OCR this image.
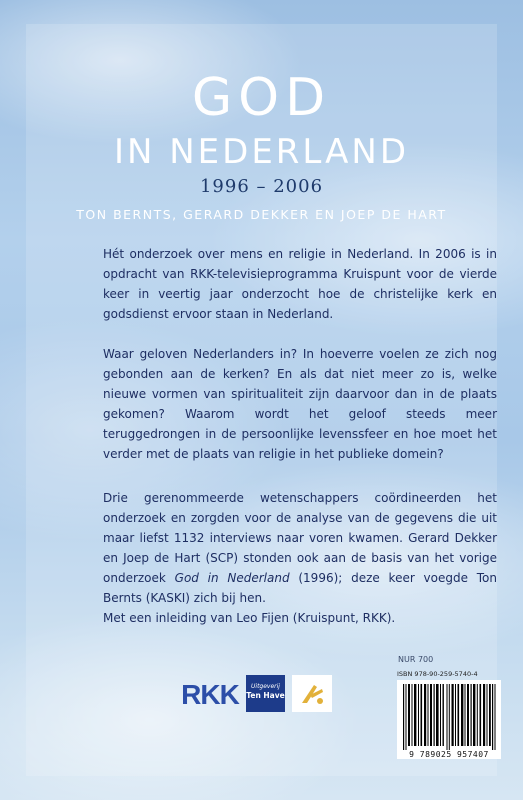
GOD
IN NEDERLAND
1996 – 2006
TON BERNTS, GERARD DEKKER EN JOEP DE HART

Hét onderzoek over mens en religie in Nederland. In 2006 is in opdracht van RKK-televisieprogramma Kruispunt voor de vierde keer in veertig jaar onderzocht hoe de christelijke kerk en godsdienst ervoor staan in Nederland.

Waar geloven Nederlanders in? In hoeverre voelen ze zich nog gebonden aan de kerken? En als dat niet meer zo is, welke nieuwe vormen van spiritualiteit zijn daarvoor dan in de plaats gekomen? Waarom wordt het geloof steeds meer teruggedrongen in de persoonlijke levenssfeer en hoe moet het verder met de plaats van religie in het publieke domein?

Drie gerenommeerde wetenschappers coördineerden het onderzoek en zorgden voor de analyse van de gegevens die uit maar liefst 1132 interviews naar voren kwamen. Gerard Dekker en Joep de Hart (SCP) stonden ook aan de basis van het vorige onderzoek God in Nederland (1996); deze keer voegde Ton Bernts (KASKI) zich bij hen.
Met een inleiding van Leo Fijen (Kruispunt, RKK).

RKK	Uitgeverij
Ten Have
NUR 700
ISBN 978-90-259-5740-4
9 789025 957407
